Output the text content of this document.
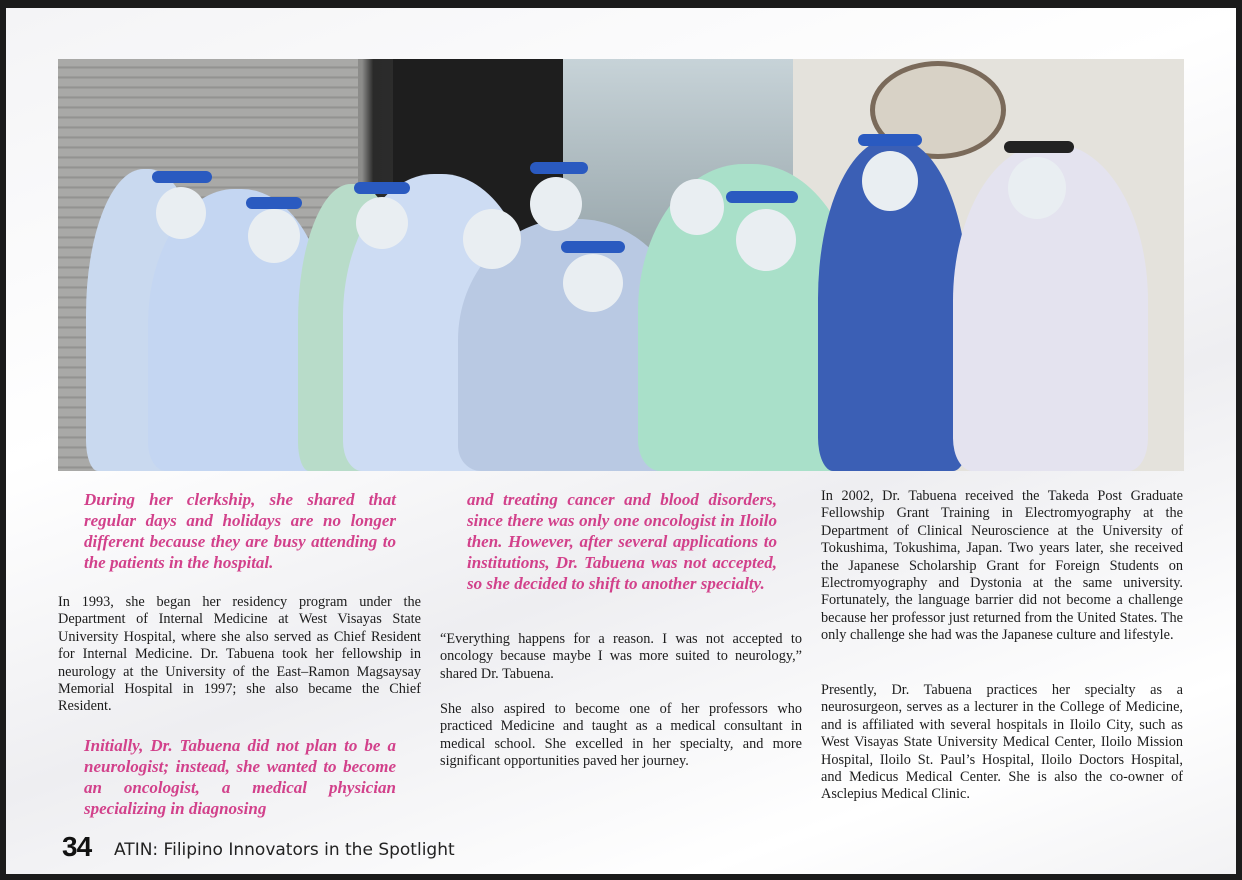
During her clerkship, she shared that regular days and holidays are no longer different because they are busy attending to the patients in the hospital.

In 1993, she began her residency program under the Department of Internal Medicine at West Visayas State University Hospital, where she also served as Chief Resident for Internal Medicine. Dr. Tabuena took her fellowship in neurology at the University of the East–Ramon Magsaysay Memorial Hospital in 1997; she also became the Chief Resident.

Initially, Dr. Tabuena did not plan to be a neurologist; instead, she wanted to become an oncologist, a medical physician specializing in diagnosing
and treating cancer and blood disorders, since there was only one oncologist in Iloilo then. However, after several applications to institutions, Dr. Tabuena was not accepted, so she decided to shift to another specialty.

“Everything happens for a reason. I was not accepted to oncology because maybe I was more suited to neurology,” shared Dr. Tabuena.

She also aspired to become one of her professors who practiced Medicine and taught as a medical consultant in medical school. She excelled in her specialty, and more significant opportunities paved her journey.

In 2002, Dr. Tabuena received the Takeda Post Graduate Fellowship Grant Training in Electromyography at the Department of Clinical Neuroscience at the University of Tokushima, Tokushima, Japan. Two years later, she received the Japanese Scholarship Grant for Foreign Students on Electromyography and Dystonia at the same university. Fortunately, the language barrier did not become a challenge because her professor just returned from the United States. The only challenge she had was the Japanese culture and lifestyle.

Presently, Dr. Tabuena practices her specialty as a neurosurgeon, serves as a lecturer in the College of Medicine, and is affiliated with several hospitals in Iloilo City, such as West Visayas State University Medical Center, Iloilo Mission Hospital, Iloilo St. Paul’s Hospital, Iloilo Doctors Hospital, and Medicus Medical Center. She is also the co-owner of Asclepius Medical Clinic.

34 ATIN: Filipino Innovators in the Spotlight
